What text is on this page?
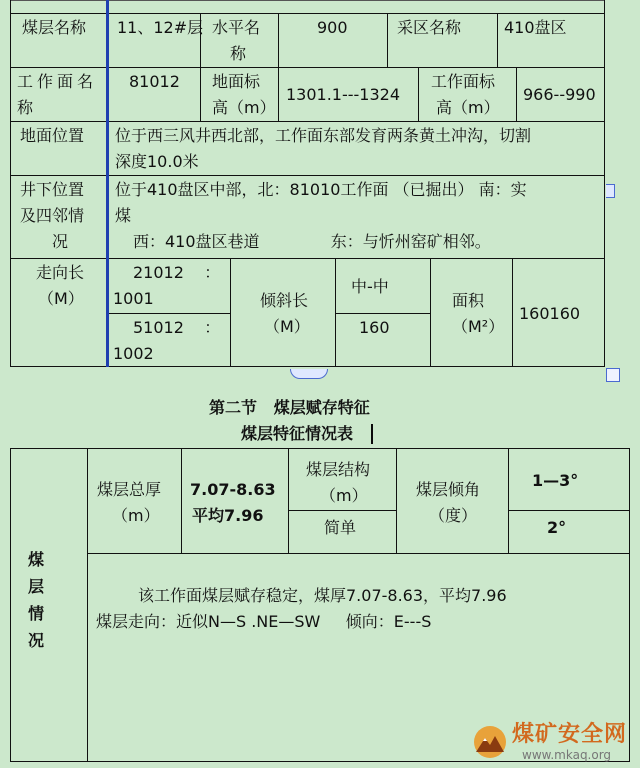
煤层名称 11、12#层 水平名
称
900	采区名称	410盘区
工作面名
称
81012 地面标
高（m）
1301.1---1324
工作面标
高（m）
966--990
地面位置 位于西三风井西北部，工作面东部发育两条黄土冲沟，切割
深度10.0米
井下位置
及四邻情
况
位于410盘区中部，北：81010工作面 （已掘出） 南：实
煤
西：410盘区巷道              东：与忻州窑矿相邻。
走向长
（M）
21012    ：
1001
51012    ：
1002
倾斜长
（M）
中-中
160
面积
（M²）
160160
第二节   煤层赋存特征
煤层特征情况表
煤
层
情
况
煤层总厚
（m）
7.07-8.63
平均7.96
煤层结构
（m）
简单
煤层倾角
（度）
1—3°
2°
该工作面煤层赋存稳定，煤厚7.07-8.63，平均7.96
煤层走向：近似N—S .NE—SW     倾向：E---S
煤矿安全网
www.mkaq.org
